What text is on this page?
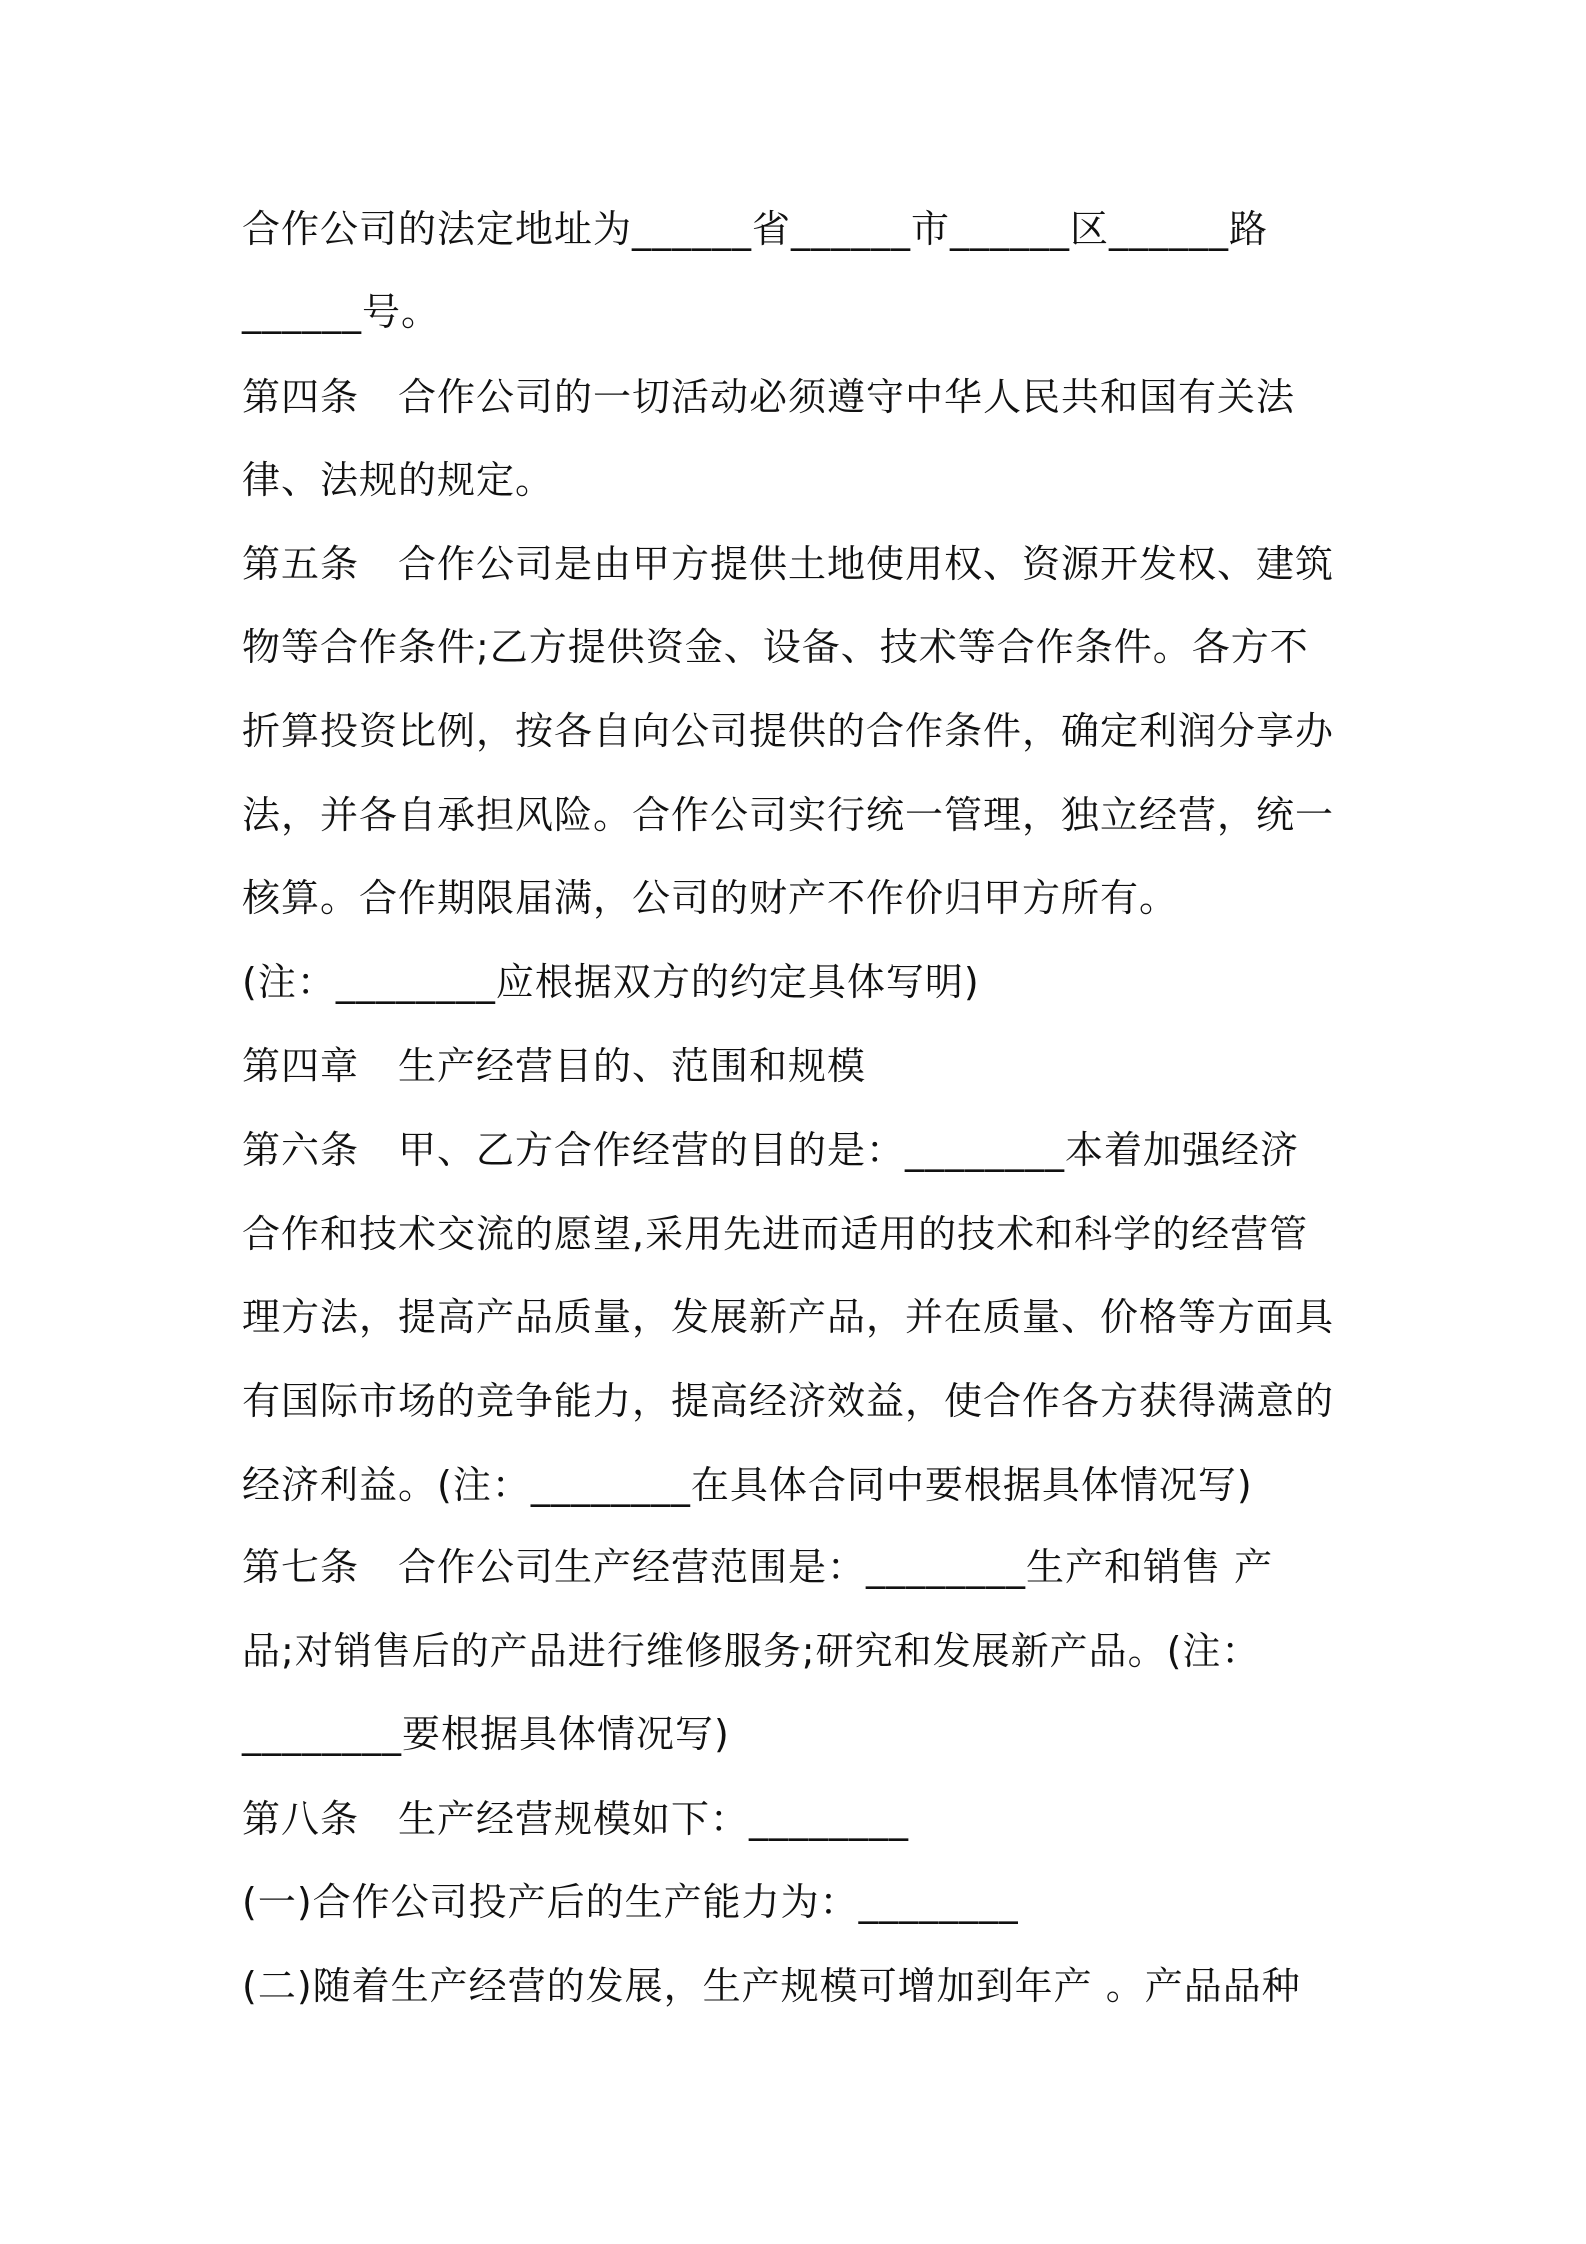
合作公司的法定地址为______省______市______区______路
______号。
第四条　合作公司的一切活动必须遵守中华人民共和国有关法
律、法规的规定。
第五条　合作公司是由甲方提供土地使用权、资源开发权、建筑
物等合作条件;乙方提供资金、设备、技术等合作条件。各方不
折算投资比例，按各自向公司提供的合作条件，确定利润分享办
法，并各自承担风险。合作公司实行统一管理，独立经营，统一
核算。合作期限届满，公司的财产不作价归甲方所有。
(注：________应根据双方的约定具体写明)
第四章　生产经营目的、范围和规模
第六条　甲、乙方合作经营的目的是：________本着加强经济
合作和技术交流的愿望,采用先进而适用的技术和科学的经营管
理方法，提高产品质量，发展新产品，并在质量、价格等方面具
有国际市场的竞争能力，提高经济效益，使合作各方获得满意的
经济利益。(注：________在具体合同中要根据具体情况写)
第七条　合作公司生产经营范围是：________生产和销售 产
品;对销售后的产品进行维修服务;研究和发展新产品。(注：
________要根据具体情况写)
第八条　生产经营规模如下：________
(一)合作公司投产后的生产能力为：________
(二)随着生产经营的发展，生产规模可增加到年产 。产品品种
